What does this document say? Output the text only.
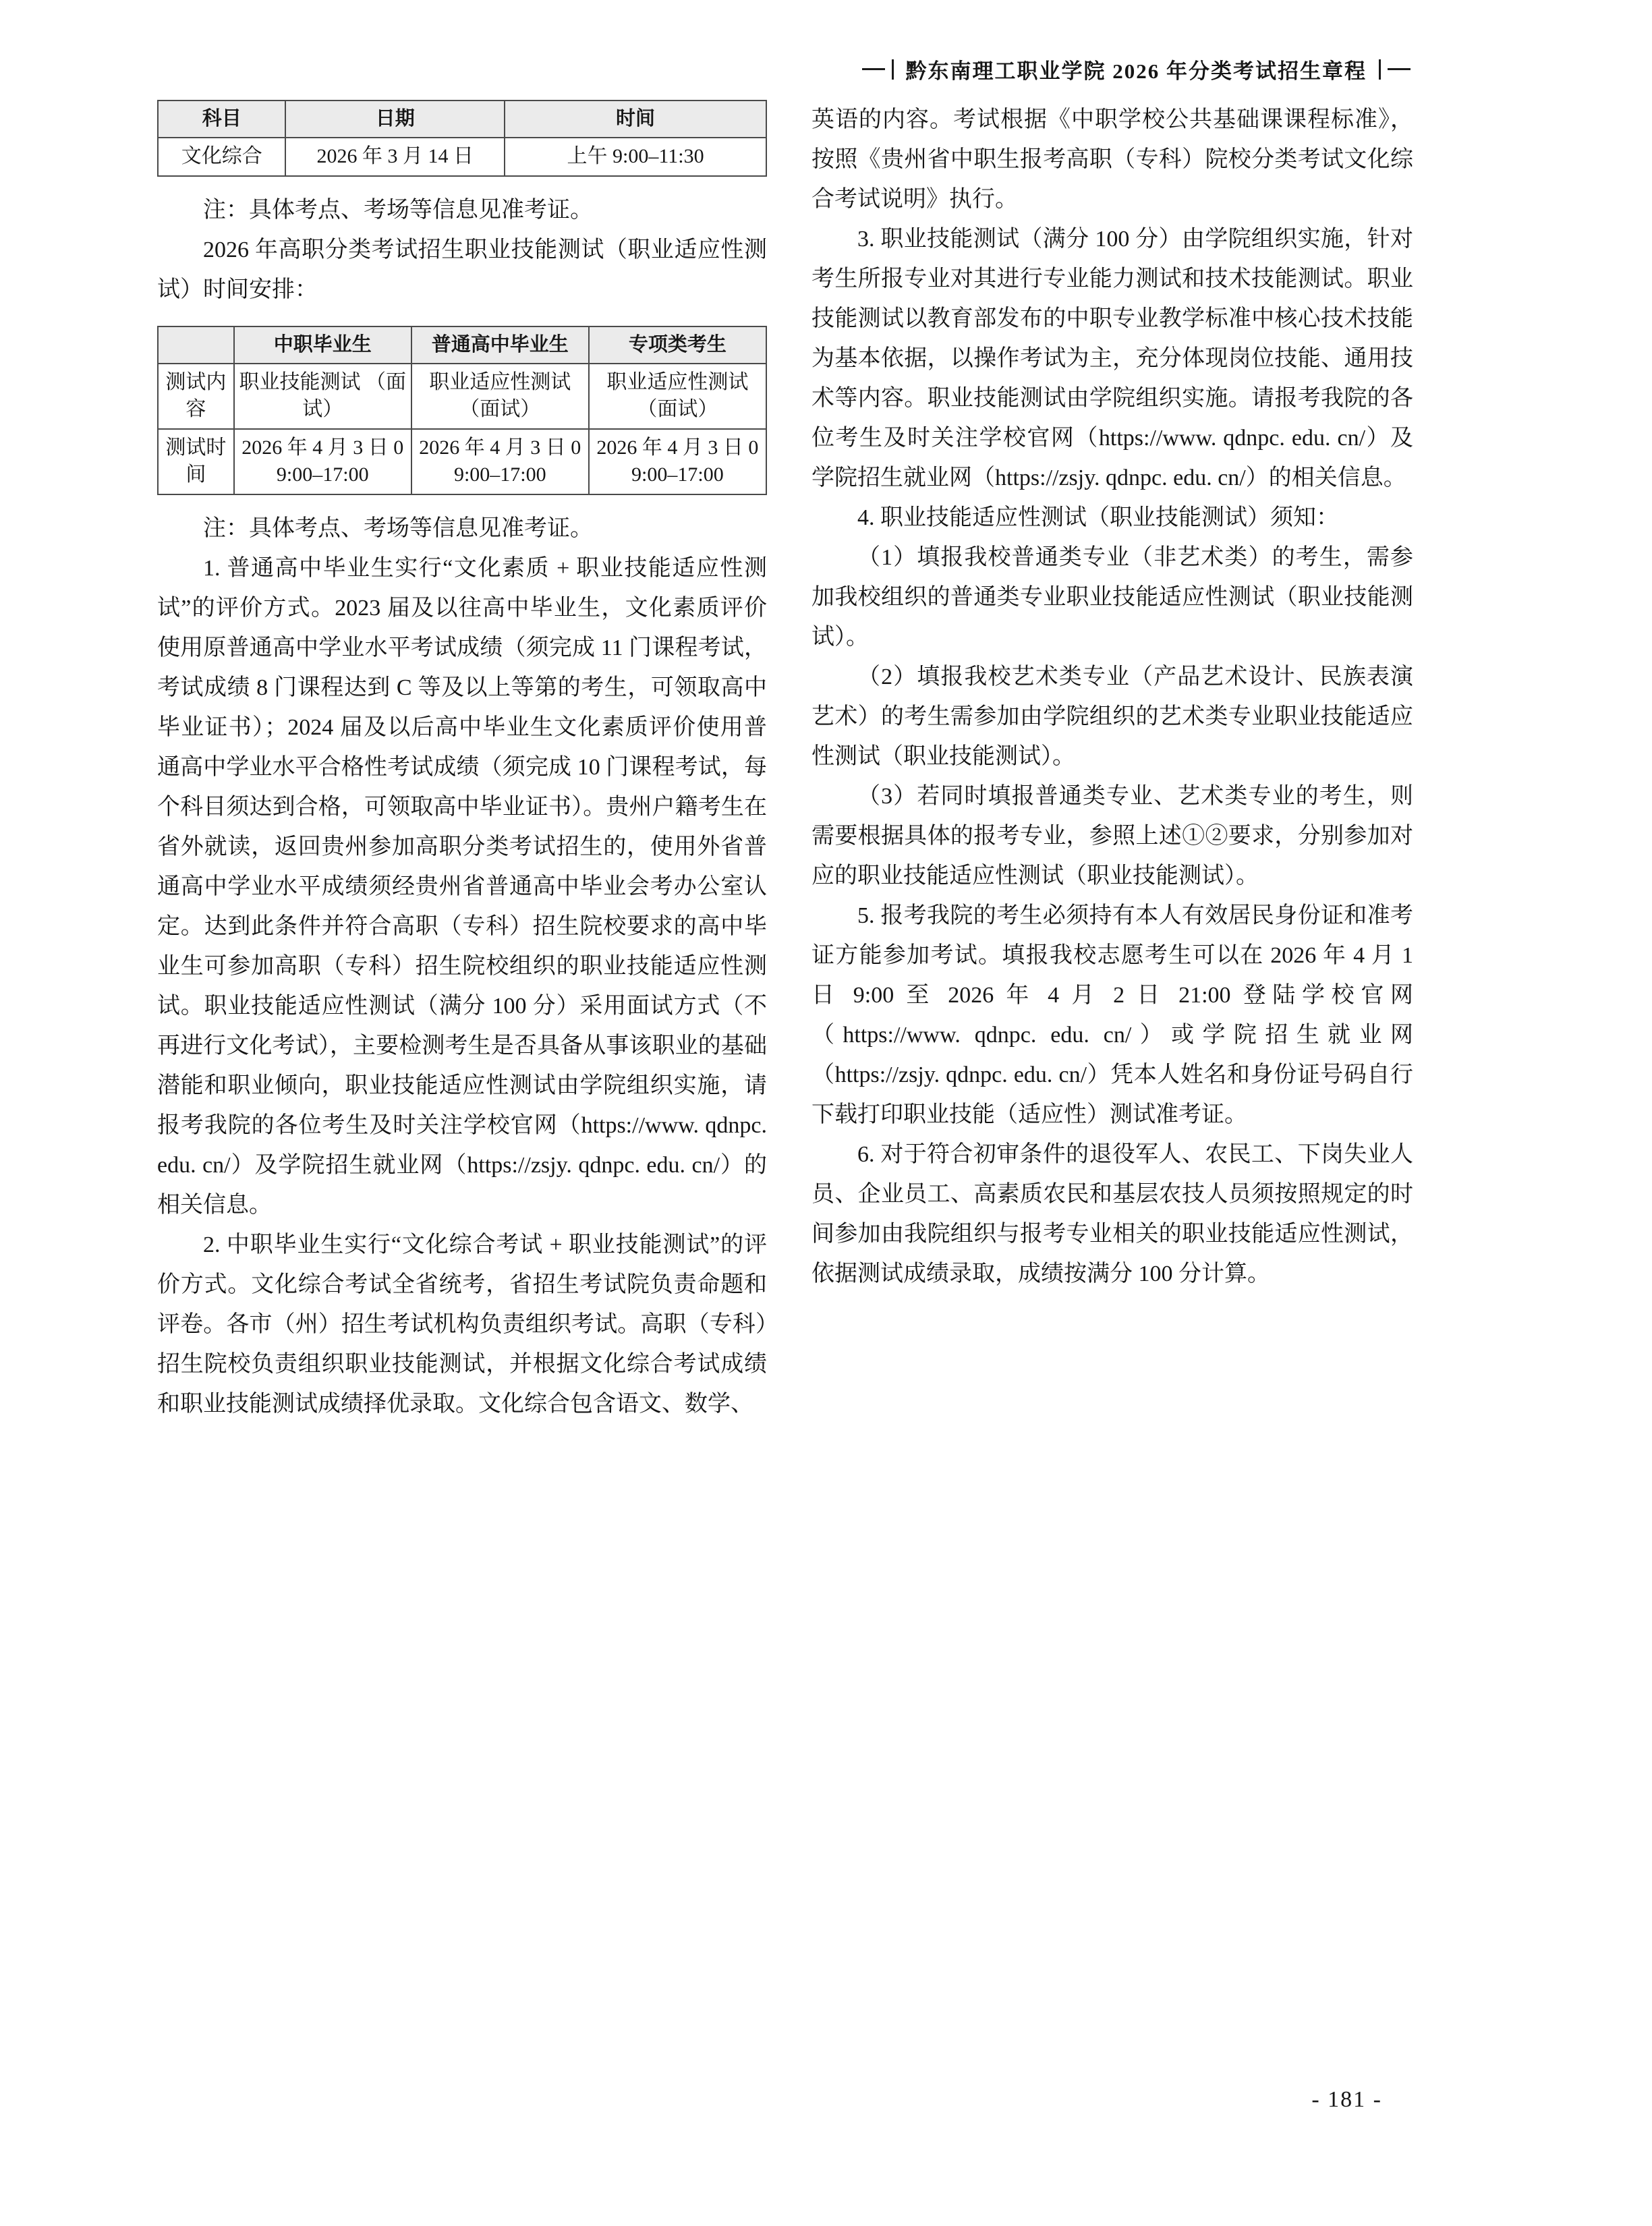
黔东南理工职业学院 2026 年分类考试招生章程
科目	日期	时间
文化综合	2026 年 3 月 14 日	上午 9:00–11:30

注：具体考点、考场等信息见准考证。

2026 年高职分类考试招生职业技能测试（职业适应性测试）时间安排：

	中职毕业生	普通高中毕业生	专项类考生
测试内容	职业技能测试 （面试）	职业适应性测试 （面试）	职业适应性测试 （面试）
测试时间	2026 年 4 月 3 日 09:00–17:00	2026 年 4 月 3 日 09:00–17:00	2026 年 4 月 3 日 09:00–17:00

注：具体考点、考场等信息见准考证。

1. 普通高中毕业生实行“文化素质 + 职业技能适应性测试”的评价方式。2023 届及以往高中毕业生，文化素质评价使用原普通高中学业水平考试成绩（须完成 11 门课程考试，考试成绩 8 门课程达到 C 等及以上等第的考生，可领取高中毕业证书）；2024 届及以后高中毕业生文化素质评价使用普通高中学业水平合格性考试成绩（须完成 10 门课程考试，每个科目须达到合格，可领取高中毕业证书）。贵州户籍考生在省外就读，返回贵州参加高职分类考试招生的，使用外省普通高中学业水平成绩须经贵州省普通高中毕业会考办公室认定。达到此条件并符合高职（专科）招生院校要求的高中毕业生可参加高职（专科）招生院校组织的职业技能适应性测试。职业技能适应性测试（满分 100 分）采用面试方式（不再进行文化考试），主要检测考生是否具备从事该职业的基础潜能和职业倾向，职业技能适应性测试由学院组织实施，请报考我院的各位考生及时关注学校官网（https://www. qdnpc. edu. cn/）及学院招生就业网（https://zsjy. qdnpc. edu. cn/）的相关信息。

2. 中职毕业生实行“文化综合考试 + 职业技能测试”的评价方式。文化综合考试全省统考，省招生考试院负责命题和评卷。各市（州）招生考试机构负责组织考试。高职（专科）招生院校负责组织职业技能测试，并根据文化综合考试成绩和职业技能测试成绩择优录取。文化综合包含语文、数学、

英语的内容。考试根据《中职学校公共基础课课程标准》，按照《贵州省中职生报考高职（专科）院校分类考试文化综合考试说明》执行。

3. 职业技能测试（满分 100 分）由学院组织实施，针对考生所报专业对其进行专业能力测试和技术技能测试。职业技能测试以教育部发布的中职专业教学标准中核心技术技能为基本依据，以操作考试为主，充分体现岗位技能、通用技术等内容。职业技能测试由学院组织实施。请报考我院的各位考生及时关注学校官网（https://www. qdnpc. edu. cn/）及学院招生就业网（https://zsjy. qdnpc. edu. cn/）的相关信息。

4. 职业技能适应性测试（职业技能测试）须知：

（1）填报我校普通类专业（非艺术类）的考生，需参加我校组织的普通类专业职业技能适应性测试（职业技能测试）。

（2）填报我校艺术类专业（产品艺术设计、民族表演艺术）的考生需参加由学院组织的艺术类专业职业技能适应性测试（职业技能测试）。

（3）若同时填报普通类专业、艺术类专业的考生，则需要根据具体的报考专业，参照上述①②要求，分别参加对应的职业技能适应性测试（职业技能测试）。

5. 报考我院的考生必须持有本人有效居民身份证和准考证方能参加考试。填报我校志愿考生可以在 2026 年 4 月 1 日 9:00 至 2026 年 4 月 2 日 21:00 登陆学校官网（https://www. qdnpc. edu. cn/）或学院招生就业网（https://zsjy. qdnpc. edu. cn/）凭本人姓名和身份证号码自行下载打印职业技能（适应性）测试准考证。

6. 对于符合初审条件的退役军人、农民工、下岗失业人员、企业员工、高素质农民和基层农技人员须按照规定的时间参加由我院组织与报考专业相关的职业技能适应性测试，依据测试成绩录取，成绩按满分 100 分计算。

- 181 -
